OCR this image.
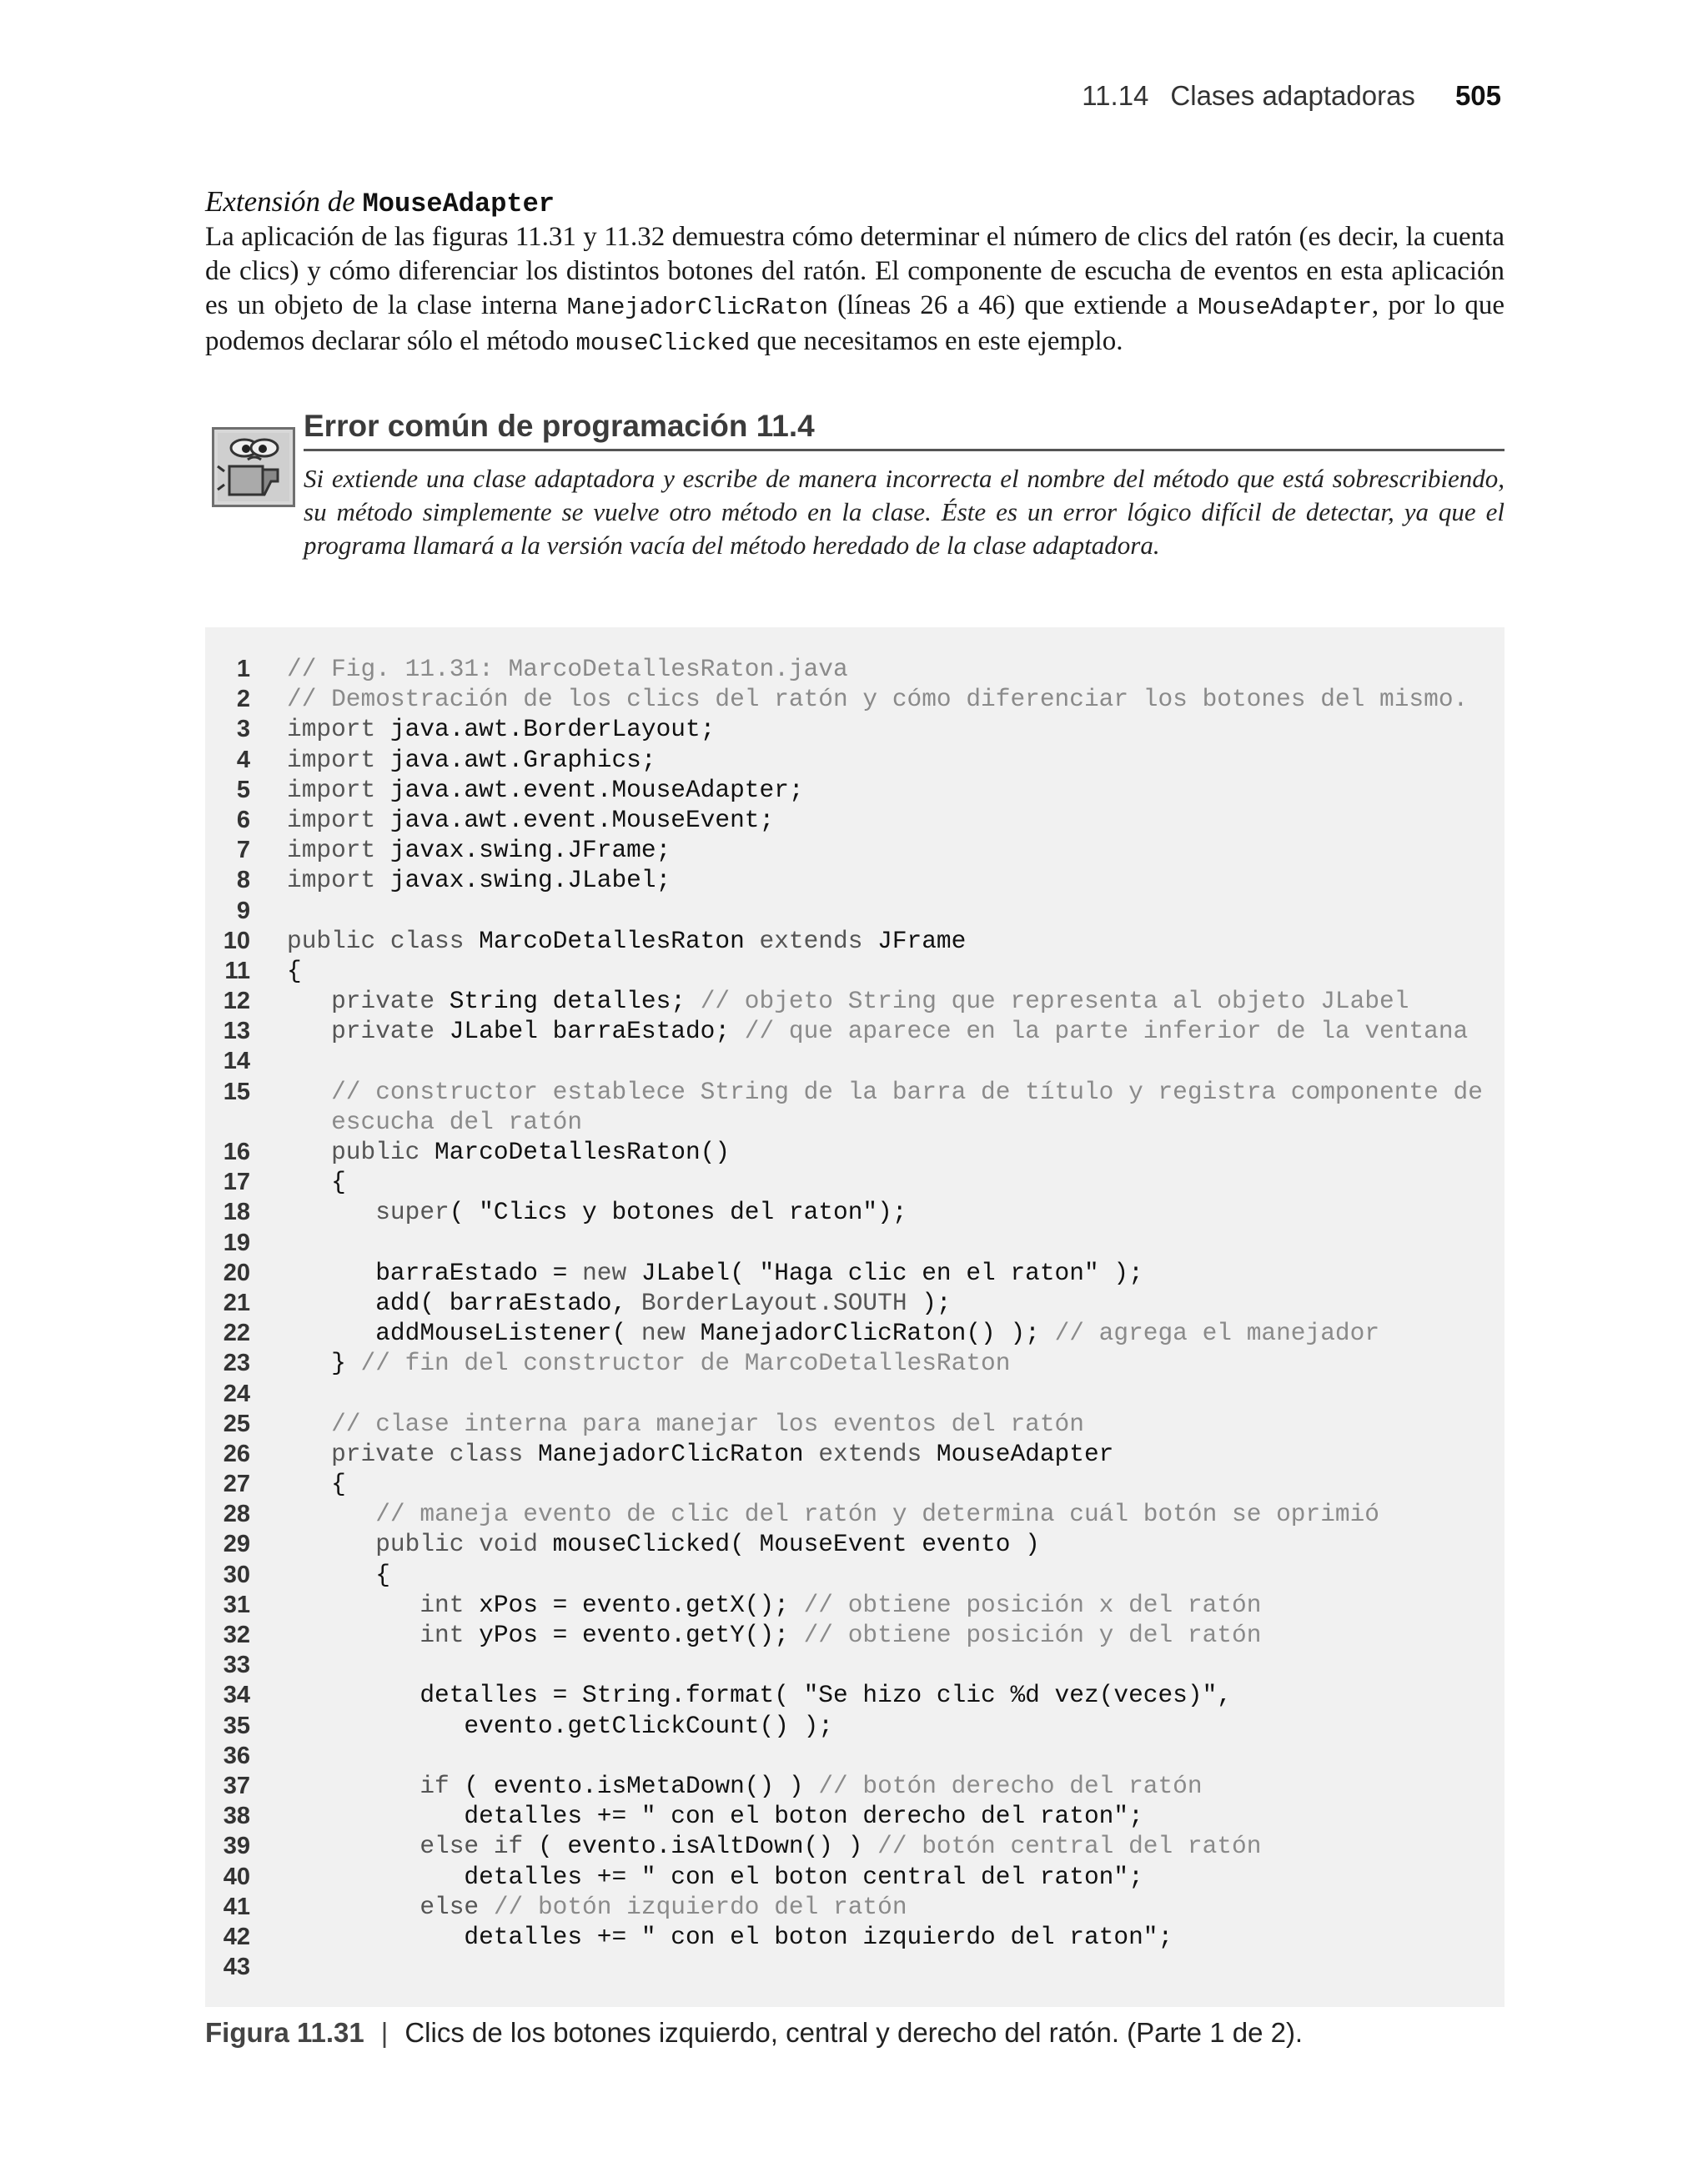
11.14 Clases adaptadoras 505
Extensión de MouseAdapter
La aplicación de las figuras 11.31 y 11.32 demuestra cómo determinar el número de clics del ratón (es decir, la cuenta de clics) y cómo diferenciar los distintos botones del ratón. El componente de escucha de eventos en esta aplicación es un objeto de la clase interna ManejadorClicRaton (líneas 26 a 46) que extiende a MouseAdapter, por lo que podemos declarar sólo el método mouseClicked que necesitamos en este ejemplo.
Error común de programación 11.4
Si extiende una clase adaptadora y escribe de manera incorrecta el nombre del método que está sobrescribiendo, su método simplemente se vuelve otro método en la clase. Éste es un error lógico difícil de detectar, ya que el programa llamará a la versión vacía del método heredado de la clase adaptadora.
1	// Fig. 11.31: MarcoDetallesRaton.java
2	// Demostración de los clics del ratón y cómo diferenciar los botones del mismo.
3	import java.awt.BorderLayout;
4	import java.awt.Graphics;
5	import java.awt.event.MouseAdapter;
6	import java.awt.event.MouseEvent;
7	import javax.swing.JFrame;
8	import javax.swing.JLabel;
9
10	public class MarcoDetallesRaton extends JFrame
11	{
12	private String detalles; // objeto String que representa al objeto JLabel
13	private JLabel barraEstado; // que aparece en la parte inferior de la ventana
14
15	// constructor establece String de la barra de título y registra componente de
escucha del ratón
16	public MarcoDetallesRaton()
17	{
18	super( "Clics y botones del raton");
19
20	barraEstado = new JLabel( "Haga clic en el raton" );
21	add( barraEstado, BorderLayout.SOUTH );
22	addMouseListener( new ManejadorClicRaton() ); // agrega el manejador
23	} // fin del constructor de MarcoDetallesRaton
24
25	// clase interna para manejar los eventos del ratón
26	private class ManejadorClicRaton extends MouseAdapter
27	{
28	// maneja evento de clic del ratón y determina cuál botón se oprimió
29	public void mouseClicked( MouseEvent evento )
30	{
31	int xPos = evento.getX(); // obtiene posición x del ratón
32	int yPos = evento.getY(); // obtiene posición y del ratón
33
34	detalles = String.format( "Se hizo clic %d vez(veces)",
35	evento.getClickCount() );
36
37	if ( evento.isMetaDown() ) // botón derecho del ratón
38	detalles += " con el boton derecho del raton";
39	else if ( evento.isAltDown() ) // botón central del ratón
40	detalles += " con el boton central del raton";
41	else // botón izquierdo del ratón
42	detalles += " con el boton izquierdo del raton";
43
Figura 11.31 | Clics de los botones izquierdo, central y derecho del ratón. (Parte 1 de 2).
